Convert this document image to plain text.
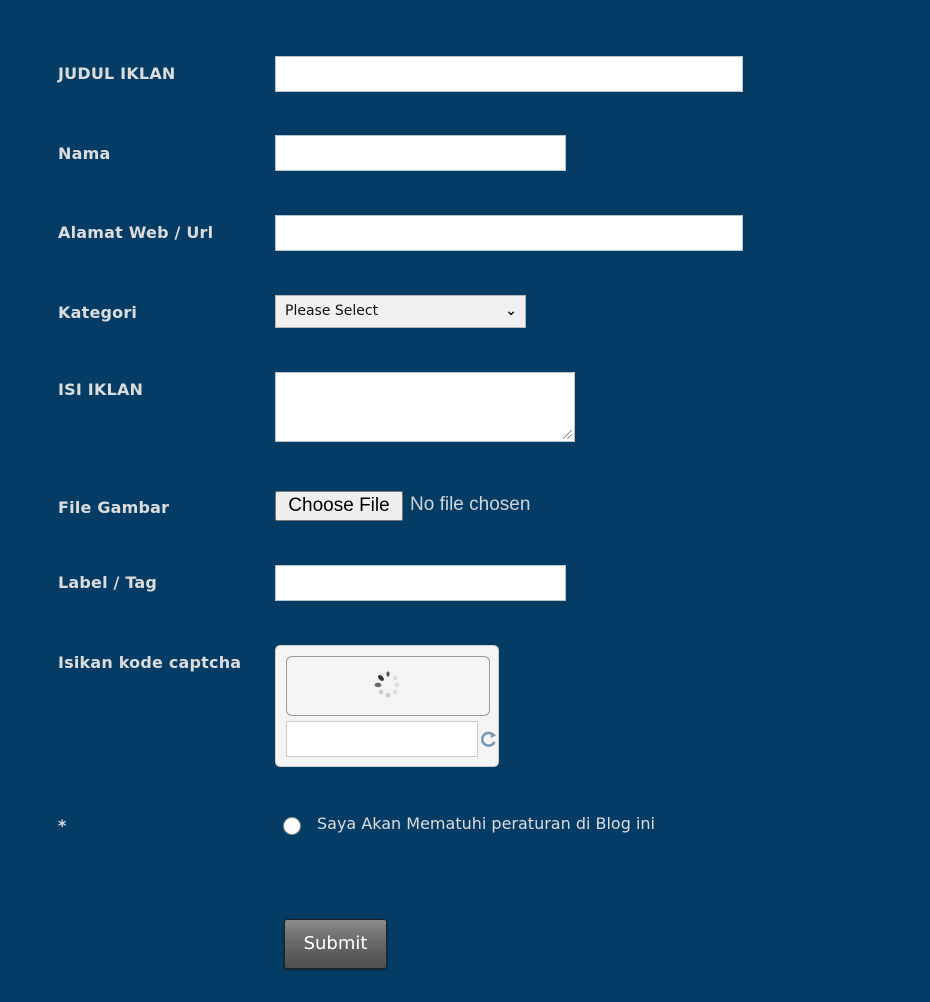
JUDUL IKLAN
Nama
Alamat Web / Url
Kategori	Please Select	⌄
ISI IKLAN
File Gambar	Choose File	No file chosen
Label / Tag
Isikan kode captcha
*	Saya Akan Mematuhi peraturan di Blog ini
Submit
